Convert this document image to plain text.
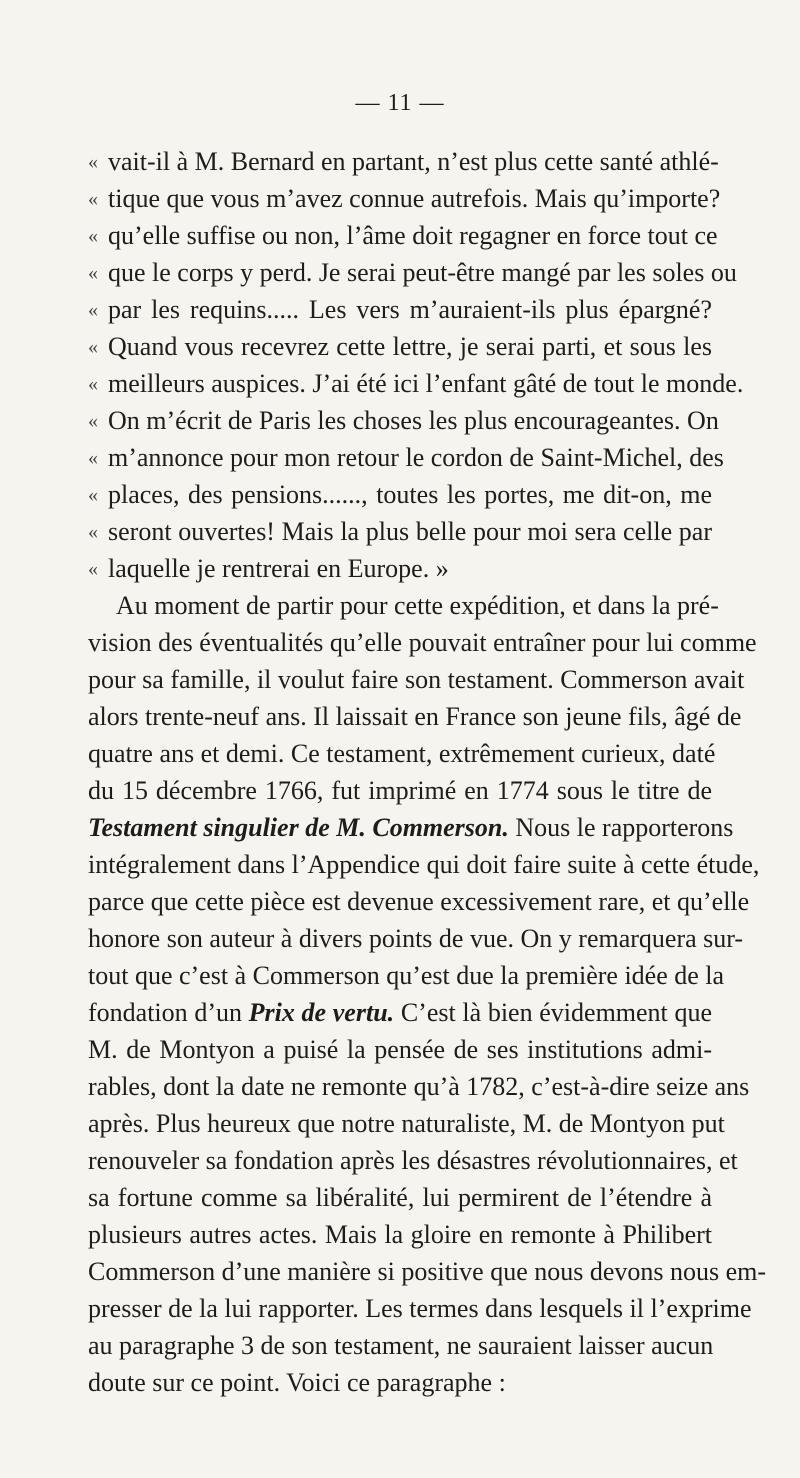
— 11 —
« vait-il à M. Bernard en partant, n’est plus cette santé athlé-
« tique que vous m’avez connue autrefois. Mais qu’importe?
« qu’elle suffise ou non, l’âme doit regagner en force tout ce
« que le corps y perd. Je serai peut-être mangé par les soles ou
« par les requins..... Les vers m’auraient-ils plus épargné?
« Quand vous recevrez cette lettre, je serai parti, et sous les
« meilleurs auspices. J’ai été ici l’enfant gâté de tout le monde.
« On m’écrit de Paris les choses les plus encourageantes. On
« m’annonce pour mon retour le cordon de Saint-Michel, des
« places, des pensions......, toutes les portes, me dit-on, me
« seront ouvertes! Mais la plus belle pour moi sera celle par
« laquelle je rentrerai en Europe. »
Au moment de partir pour cette expédition, et dans la pré-
vision des éventualités qu’elle pouvait entraîner pour lui comme
pour sa famille, il voulut faire son testament. Commerson avait
alors trente-neuf ans. Il laissait en France son jeune fils, âgé de
quatre ans et demi. Ce testament, extrêmement curieux, daté
du 15 décembre 1766, fut imprimé en 1774 sous le titre de
Testament singulier de M. Commerson. Nous le rapporterons
intégralement dans l’Appendice qui doit faire suite à cette étude,
parce que cette pièce est devenue excessivement rare, et qu’elle
honore son auteur à divers points de vue. On y remarquera sur-
tout que c’est à Commerson qu’est due la première idée de la
fondation d’un Prix de vertu. C’est là bien évidemment que
M. de Montyon a puisé la pensée de ses institutions admi-
rables, dont la date ne remonte qu’à 1782, c’est-à-dire seize ans
après. Plus heureux que notre naturaliste, M. de Montyon put
renouveler sa fondation après les désastres révolutionnaires, et
sa fortune comme sa libéralité, lui permirent de l’étendre à
plusieurs autres actes. Mais la gloire en remonte à Philibert
Commerson d’une manière si positive que nous devons nous em-
presser de la lui rapporter. Les termes dans lesquels il l’exprime
au paragraphe 3 de son testament, ne sauraient laisser aucun
doute sur ce point. Voici ce paragraphe :
